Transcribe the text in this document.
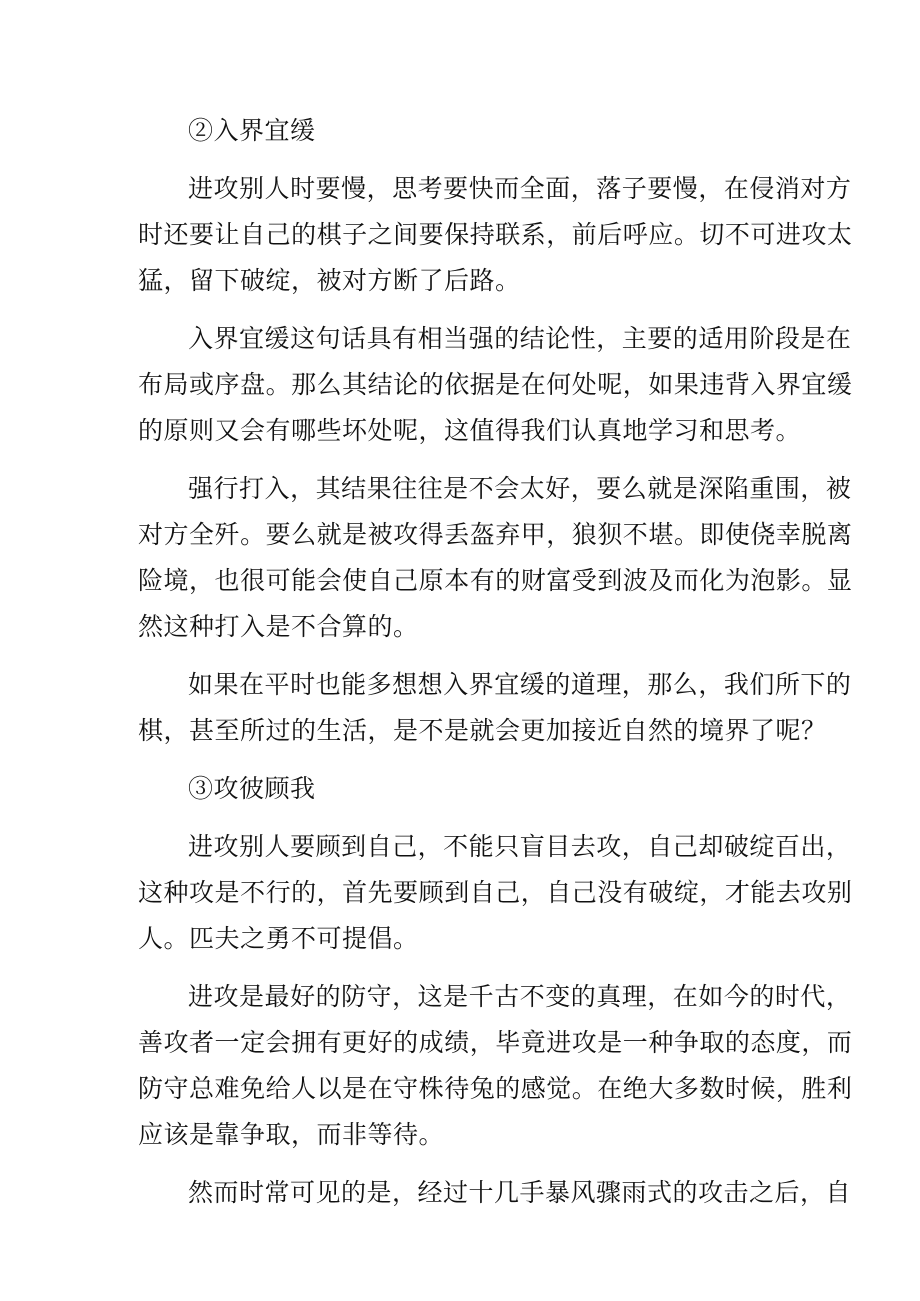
②入界宜缓
进 攻 别 人 时 要 慢 ， 思 考 要 快 而 全 面 ， 落 子 要 慢 ， 在 侵 消 对 方
时 还 要 让 自 己 的 棋 子 之 间 要 保 持 联 系 ， 前 后 呼 应 。 切 不 可 进 攻 太
猛，留下破绽，被对方断了后路。
入 界 宜 缓 这 句 话 具 有 相 当 强 的 结 论 性 ， 主 要 的 适 用 阶 段 是 在
布 局 或 序 盘 。 那 么 其 结 论 的 依 据 是 在 何 处 呢 ， 如 果 违 背 入 界 宜 缓
的原则又会有哪些坏处呢，这值得我们认真地学习和思考。
强 行 打 入 ， 其 结 果 往 往 是 不 会 太 好 ， 要 么 就 是 深 陷 重 围 ， 被
对 方 全 歼 。 要 么 就 是 被 攻 得 丢 盔 弃 甲 ， 狼 狈 不 堪 。 即 使 侥 幸 脱 离
险 境 ， 也 很 可 能 会 使 自 己 原 本 有 的 财 富 受 到 波 及 而 化 为 泡 影 。 显
然这种打入是不合算的。
如 果 在 平 时 也 能 多 想 想 入 界 宜 缓 的 道 理 ， 那 么 ， 我 们 所 下 的
棋，甚至所过的生活，是不是就会更加接近自然的境界了呢？
③攻彼顾我
进 攻 别 人 要 顾 到 自 己 ， 不 能 只 盲 目 去 攻 ， 自 己 却 破 绽 百 出 ，
这 种 攻 是 不 行 的 ， 首 先 要 顾 到 自 己 ， 自 己 没 有 破 绽 ， 才 能 去 攻 别
人。匹夫之勇不可提倡。
进 攻 是 最 好 的 防 守 ， 这 是 千 古 不 变 的 真 理 ， 在 如 今 的 时 代 ，
善 攻 者 一 定 会 拥 有 更 好 的 成 绩 ， 毕 竟 进 攻 是 一 种 争 取 的 态 度 ， 而
防 守 总 难 免 给 人 以 是 在 守 株 待 兔 的 感 觉 。 在 绝 大 多 数 时 候 ， 胜 利
应该是靠争取，而非等待。
然而时常可见的是，经过十几手暴风骤雨式的攻击之后，自
